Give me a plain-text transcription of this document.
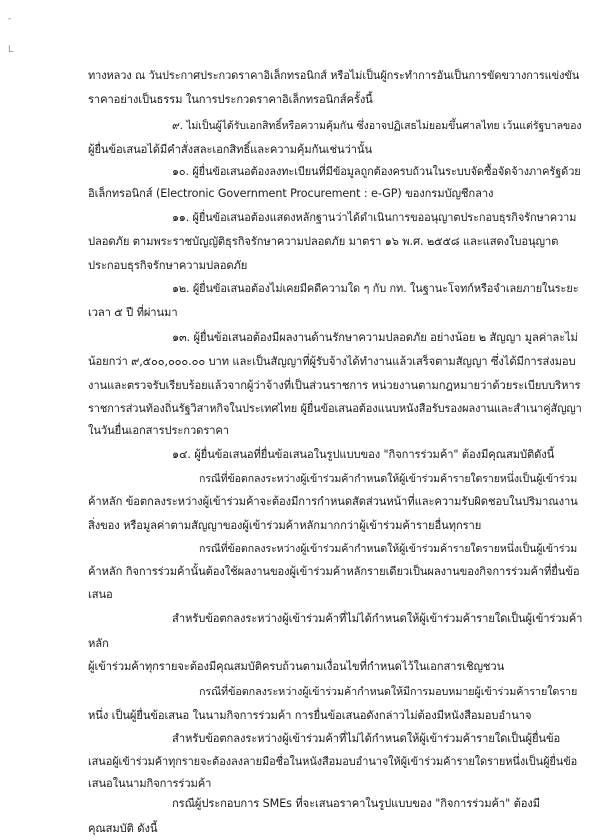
-
L
ทางหลวง ณ วันประกาศประกวดราคาอิเล็กทรอนิกส์ หรือไม่เป็นผู้กระทำการอันเป็นการขัดขวางการแข่งขัน
ราคาอย่างเป็นธรรม ในการประกวดราคาอิเล็กทรอนิกส์ครั้งนี้
๙. ไม่เป็นผู้ได้รับเอกสิทธิ์หรือความคุ้มกัน ซึ่งอาจปฏิเสธไม่ยอมขึ้นศาลไทย เว้นแต่รัฐบาลของ
ผู้ยื่นข้อเสนอได้มีคำสั่งสละเอกสิทธิ์และความคุ้มกันเช่นว่านั้น
๑๐. ผู้ยื่นข้อเสนอต้องลงทะเบียนที่มีข้อมูลถูกต้องครบถ้วนในระบบจัดซื้อจัดจ้างภาครัฐด้วย
อิเล็กทรอนิกส์ (Electronic Government Procurement : e-GP) ของกรมบัญชีกลาง
๑๑. ผู้ยื่นข้อเสนอต้องแสดงหลักฐานว่าได้ดำเนินการขออนุญาตประกอบธุรกิจรักษาความ
ปลอดภัย ตามพระราชบัญญัติธุรกิจรักษาความปลอดภัย มาตรา ๑๖ พ.ศ. ๒๕๕๘ และแสดงใบอนุญาต
ประกอบธุรกิจรักษาความปลอดภัย
๑๒. ผู้ยื่นข้อเสนอต้องไม่เคยมีคดีความใด ๆ กับ กท. ในฐานะโจทก์หรือจำเลยภายในระยะ
เวลา ๕ ปี ที่ผ่านมา
๑๓. ผู้ยื่นข้อเสนอต้องมีผลงานด้านรักษาความปลอดภัย อย่างน้อย ๒ สัญญา มูลค่าละไม่
น้อยกว่า ๙,๕๐๐,๐๐๐.๐๐ บาท และเป็นสัญญาที่ผู้รับจ้างได้ทำงานแล้วเสร็จตามสัญญา ซึ่งได้มีการส่งมอบ
งานและตรวจรับเรียบร้อยแล้วจากผู้ว่าจ้างที่เป็นส่วนราชการ หน่วยงานตามกฎหมายว่าด้วยระเบียบบริหาร
ราชการส่วนท้องถิ่นรัฐวิสาหกิจในประเทศไทย ผู้ยื่นข้อเสนอต้องแนบหนังสือรับรองผลงานและสำเนาคู่สัญญา
ในวันยื่นเอกสารประกวดราคา
๑๔. ผู้ยื่นข้อเสนอที่ยื่นข้อเสนอในรูปแบบของ "กิจการร่วมค้า" ต้องมีคุณสมบัติดังนี้
กรณีที่ข้อตกลงระหว่างผู้เข้าร่วมค้ากำหนดให้ผู้เข้าร่วมค้ารายใดรายหนึ่งเป็นผู้เข้าร่วม
ค้าหลัก ข้อตกลงระหว่างผู้เข้าร่วมค้าจะต้องมีการกำหนดสัดส่วนหน้าที่และความรับผิดชอบในปริมาณงาน
สิ่งของ หรือมูลค่าตามสัญญาของผู้เข้าร่วมค้าหลักมากกว่าผู้เข้าร่วมค้ารายอื่นทุกราย
กรณีที่ข้อตกลงระหว่างผู้เข้าร่วมค้ากำหนดให้ผู้เข้าร่วมค้ารายใดรายหนึ่งเป็นผู้เข้าร่วม
ค้าหลัก กิจการร่วมค้านั้นต้องใช้ผลงานของผู้เข้าร่วมค้าหลักรายเดียวเป็นผลงานของกิจการร่วมค้าที่ยื่นข้อ
เสนอ
สำหรับข้อตกลงระหว่างผู้เข้าร่วมค้าที่ไม่ได้กำหนดให้ผู้เข้าร่วมค้ารายใดเป็นผู้เข้าร่วมค้า
หลัก
ผู้เข้าร่วมค้าทุกรายจะต้องมีคุณสมบัติครบถ้วนตามเงื่อนไขที่กำหนดไว้ในเอกสารเชิญชวน
กรณีที่ข้อตกลงระหว่างผู้เข้าร่วมค้ากำหนดให้มีการมอบหมายผู้เข้าร่วมค้ารายใดราย
หนึ่ง เป็นผู้ยื่นข้อเสนอ ในนามกิจการร่วมค้า การยื่นข้อเสนอดังกล่าวไม่ต้องมีหนังสือมอบอำนาจ
สำหรับข้อตกลงระหว่างผู้เข้าร่วมค้าที่ไม่ได้กำหนดให้ผู้เข้าร่วมค้ารายใดเป็นผู้ยื่นข้อ
เสนอผู้เข้าร่วมค้าทุกรายจะต้องลงลายมือชื่อในหนังสือมอบอำนาจให้ผู้เข้าร่วมค้ารายใดรายหนึ่งเป็นผู้ยื่นข้อ
เสนอในนามกิจการร่วมค้า
กรณีผู้ประกอบการ SMEs ที่จะเสนอราคาในรูปแบบของ "กิจการร่วมค้า" ต้องมี
คุณสมบัติ ดังนี้
